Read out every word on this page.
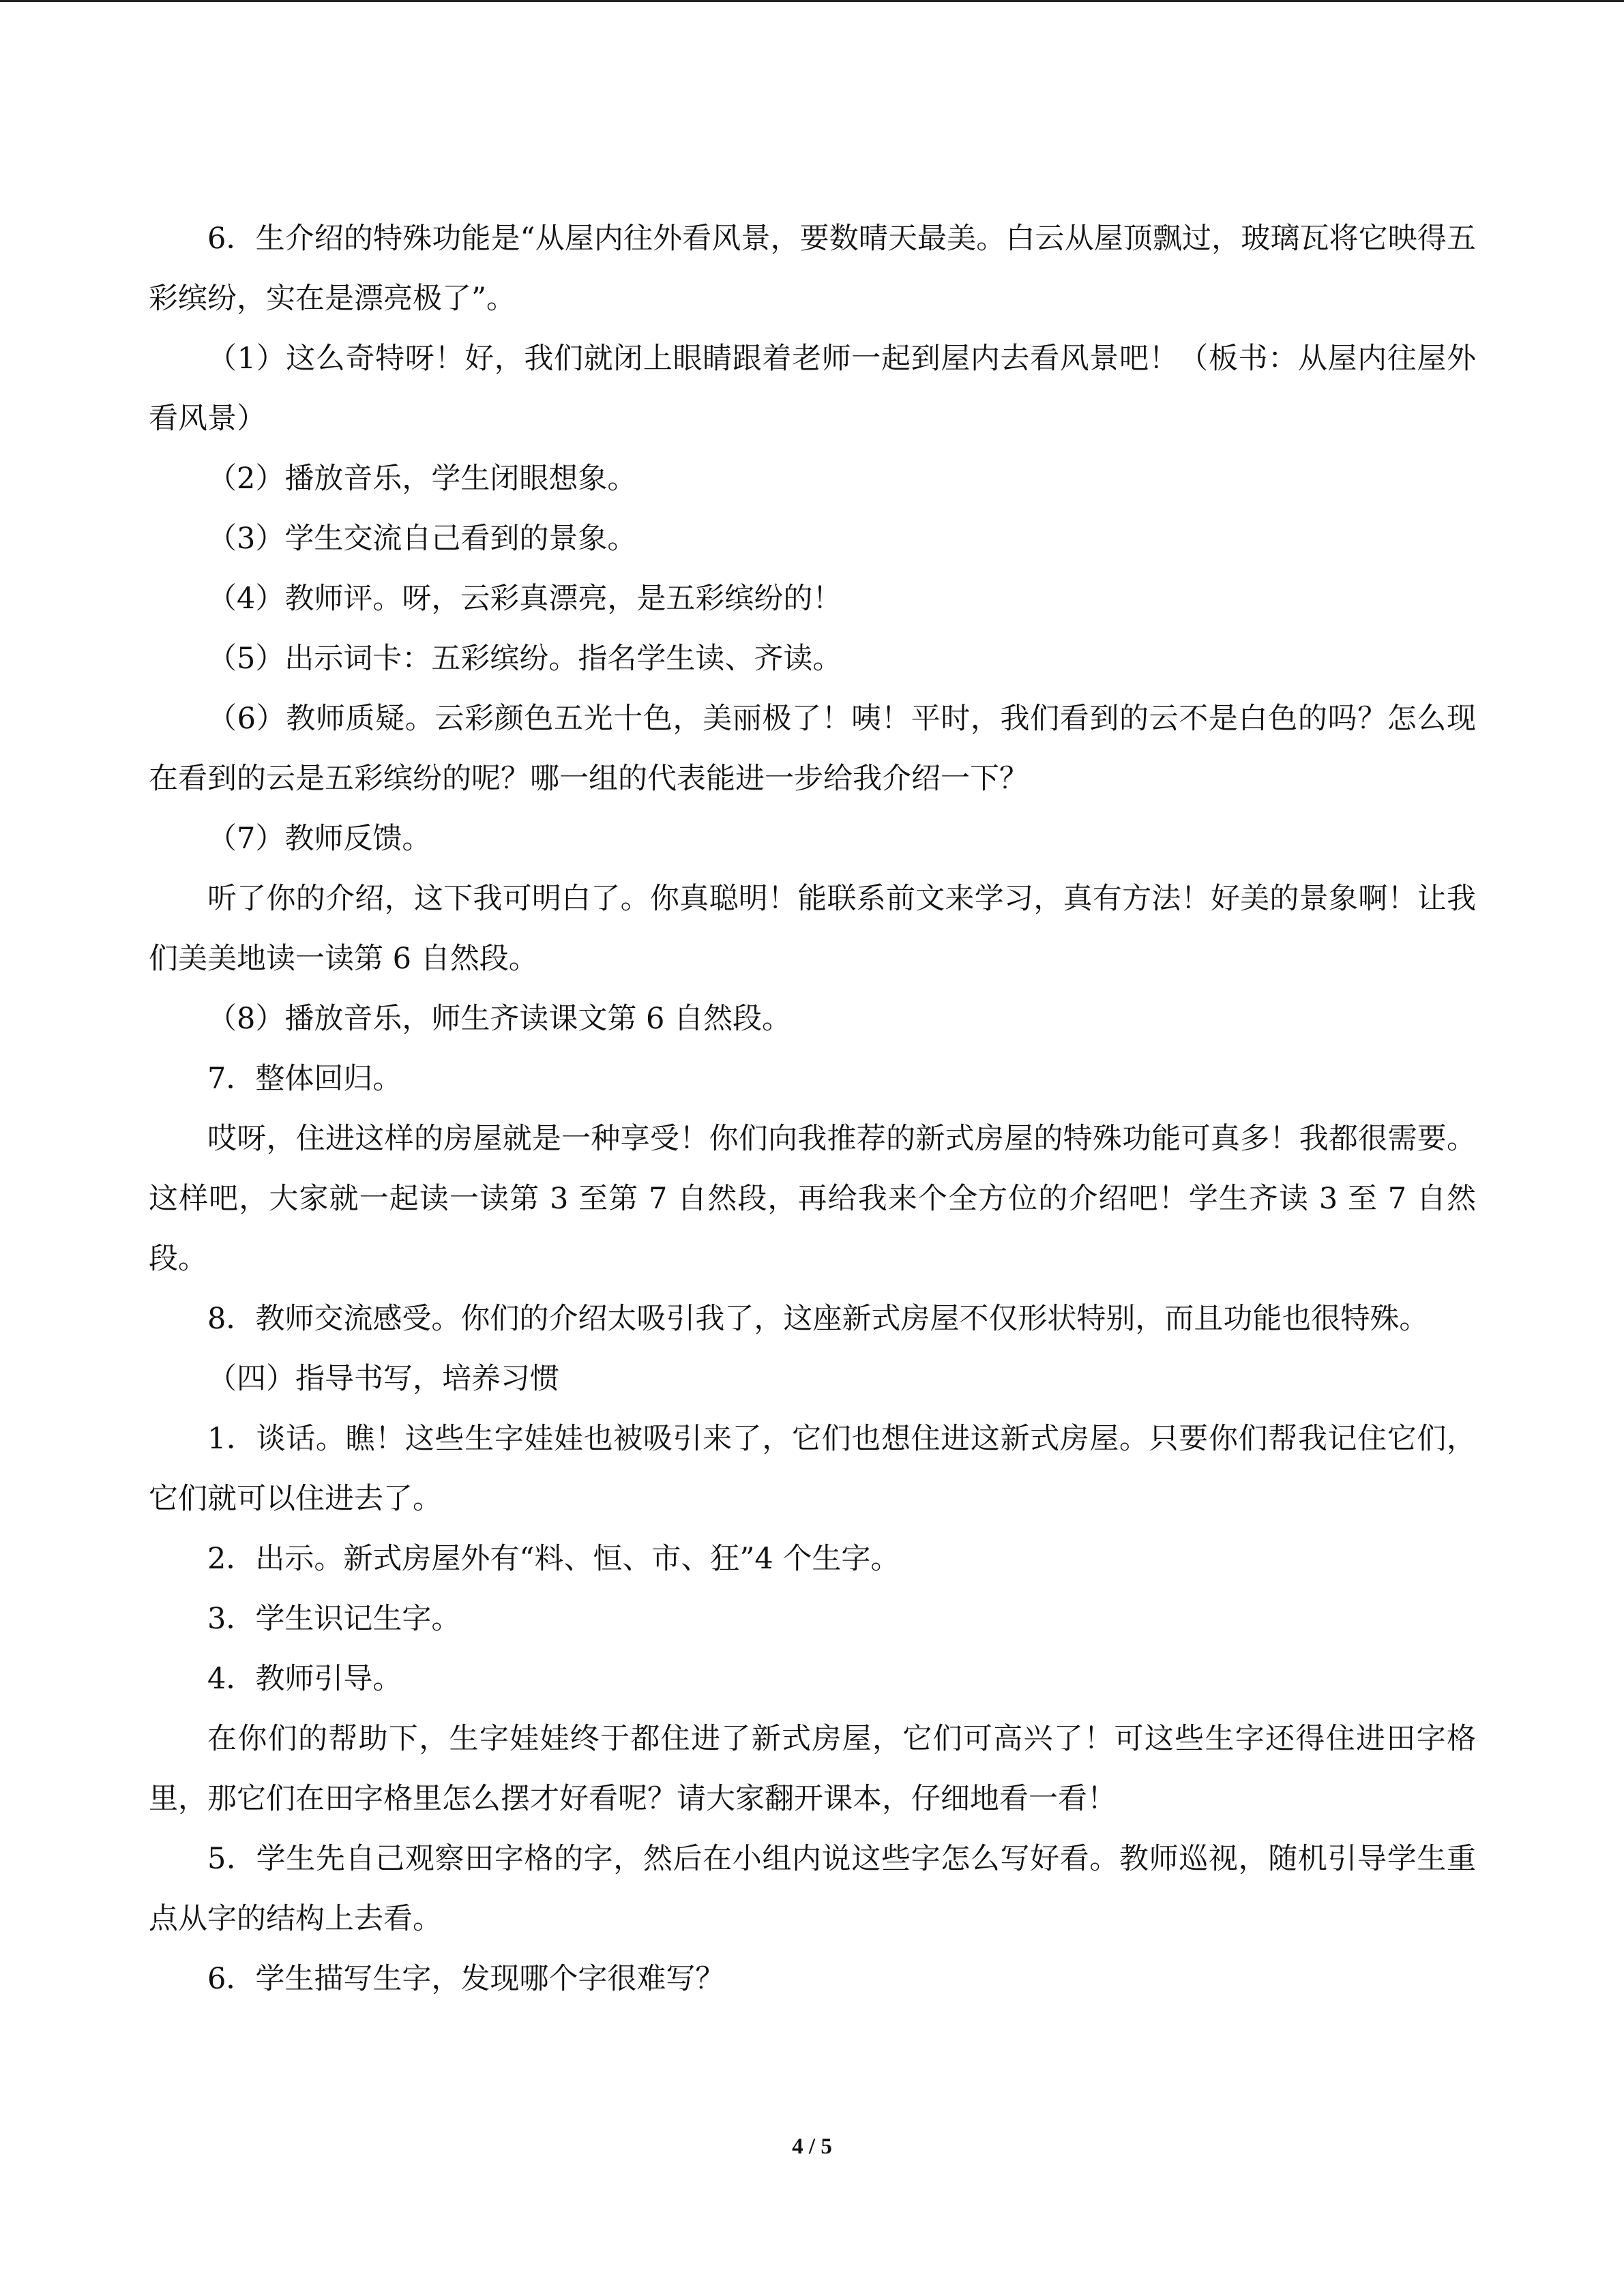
6．生介绍的特殊功能是“从屋内往外看风景，要数晴天最美。白云从屋顶飘过，玻璃瓦将它映得五彩缤纷，实在是漂亮极了”。

（1）这么奇特呀！好，我们就闭上眼睛跟着老师一起到屋内去看风景吧！（板书：从屋内往屋外看风景）

（2）播放音乐，学生闭眼想象。

（3）学生交流自己看到的景象。

（4）教师评。呀，云彩真漂亮，是五彩缤纷的！

（5）出示词卡：五彩缤纷。指名学生读、齐读。

（6）教师质疑。云彩颜色五光十色，美丽极了！咦！平时，我们看到的云不是白色的吗？怎么现在看到的云是五彩缤纷的呢？哪一组的代表能进一步给我介绍一下？

（7）教师反馈。

听了你的介绍，这下我可明白了。你真聪明！能联系前文来学习，真有方法！好美的景象啊！让我们美美地读一读第 6 自然段。

（8）播放音乐，师生齐读课文第 6 自然段。

7．整体回归。

哎呀，住进这样的房屋就是一种享受！你们向我推荐的新式房屋的特殊功能可真多！我都很需要。这样吧，大家就一起读一读第 3 至第 7 自然段，再给我来个全方位的介绍吧！学生齐读 3 至 7 自然段。

8．教师交流感受。你们的介绍太吸引我了，这座新式房屋不仅形状特别，而且功能也很特殊。

（四）指导书写，培养习惯

1．谈话。瞧！这些生字娃娃也被吸引来了，它们也想住进这新式房屋。只要你们帮我记住它们，它们就可以住进去了。

2．出示。新式房屋外有“料、恒、市、狂”4 个生字。

3．学生识记生字。

4．教师引导。

在你们的帮助下，生字娃娃终于都住进了新式房屋，它们可高兴了！可这些生字还得住进田字格里，那它们在田字格里怎么摆才好看呢？请大家翻开课本，仔细地看一看！

5．学生先自己观察田字格的字，然后在小组内说这些字怎么写好看。教师巡视，随机引导学生重点从字的结构上去看。

6．学生描写生字，发现哪个字很难写？

4 / 5
